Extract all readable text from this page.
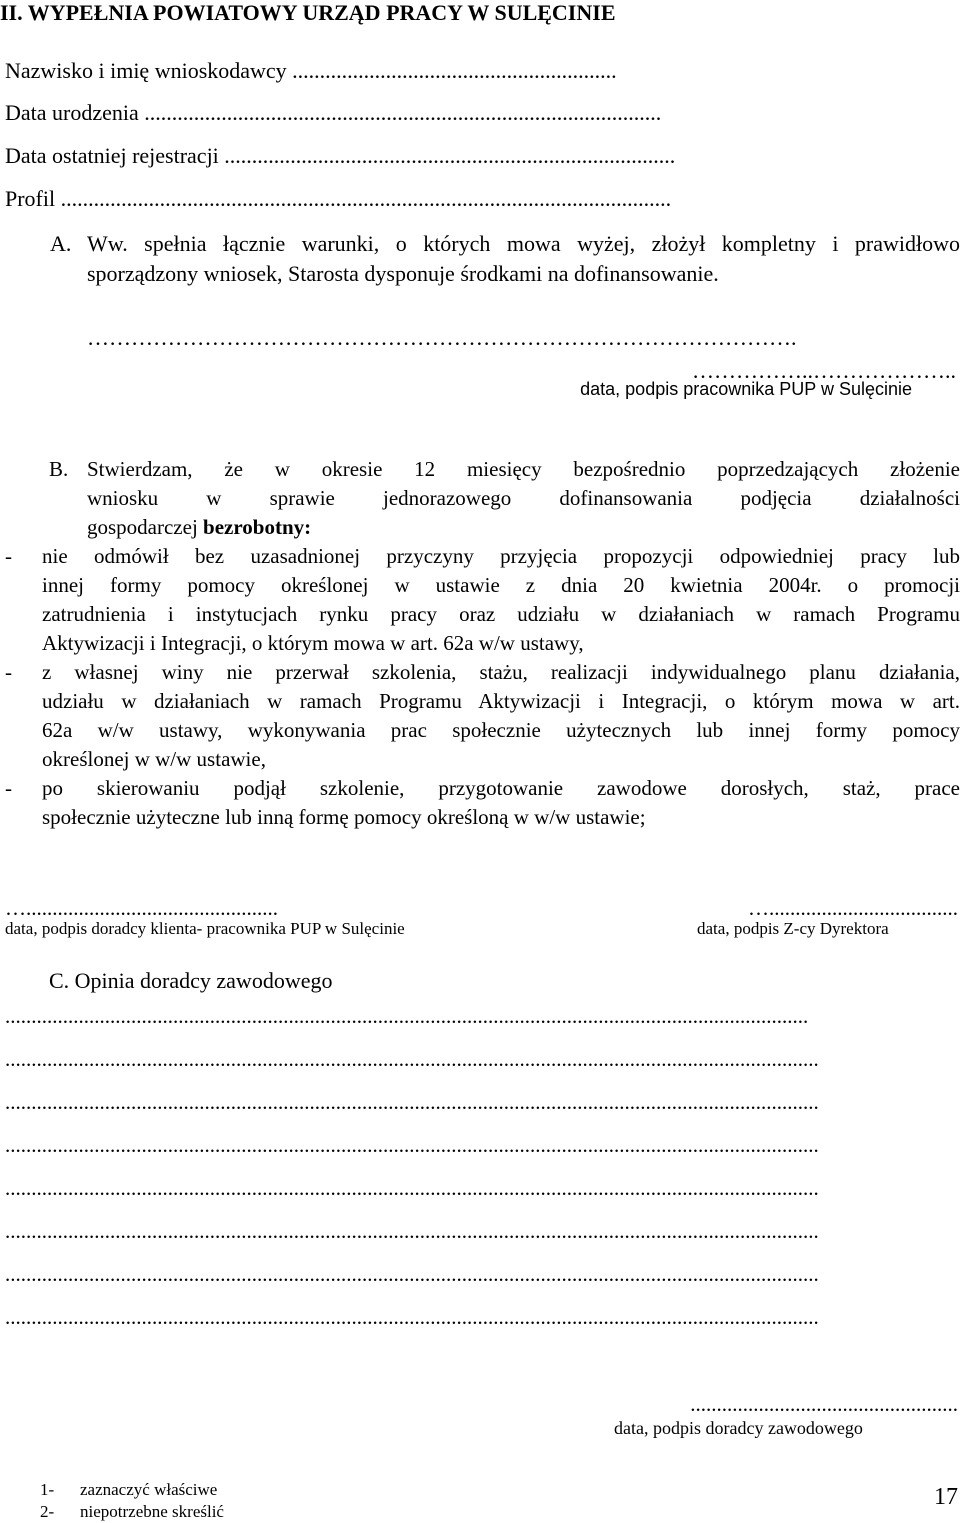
II. WYPEŁNIA POWIATOWY URZĄD PRACY W SULĘCINIE
Nazwisko i imię wnioskodawcy ...........................................................
Data urodzenia ..............................................................................................
Data ostatniej rejestracji ..................................................................................
Profil ...............................................................................................................
A. Ww. spełnia łącznie warunki, o których mowa wyżej, złożył kompletny i prawidłowo
sporządzony wniosek, Starosta dysponuje środkami na dofinansowanie.
…………………………………………………………………………………….
……………..………………..
data, podpis pracownika PUP w Sulęcinie
B. Stwierdzam, że w okresie 12 miesięcy bezpośrednio poprzedzających złożenie
wniosku w sprawie jednorazowego dofinansowania podjęcia działalności
gospodarczej bezrobotny:
- nie odmówił bez uzasadnionej przyczyny przyjęcia propozycji odpowiedniej pracy lub
innej formy pomocy określonej w ustawie z dnia 20 kwietnia 2004r. o promocji
zatrudnienia i instytucjach rynku pracy oraz udziału w działaniach w ramach Programu
Aktywizacji i Integracji, o którym mowa w art. 62a w/w ustawy,
- z własnej winy nie przerwał szkolenia, stażu, realizacji indywidualnego planu działania,
udziału w działaniach w ramach Programu Aktywizacji i Integracji, o którym mowa w art.
62a w/w ustawy, wykonywania prac społecznie użytecznych lub innej formy pomocy
określonej w w/w ustawie,
- po skierowaniu podjął szkolenie, przygotowanie zawodowe dorosłych, staż, prace
społecznie użyteczne lub inną formę pomocy określoną w w/w ustawie;
…................................................
data, podpis doradcy klienta- pracownika PUP w Sulęcinie
…....................................
data, podpis Z-cy Dyrektora
C. Opinia doradcy zawodowego
.........................................................................................................................................................
...........................................................................................................................................................
...........................................................................................................................................................
...........................................................................................................................................................
...........................................................................................................................................................
...........................................................................................................................................................
...........................................................................................................................................................
...........................................................................................................................................................
...................................................
data, podpis doradcy zawodowego
1- zaznaczyć właściwe
2- niepotrzebne skreślić
17
